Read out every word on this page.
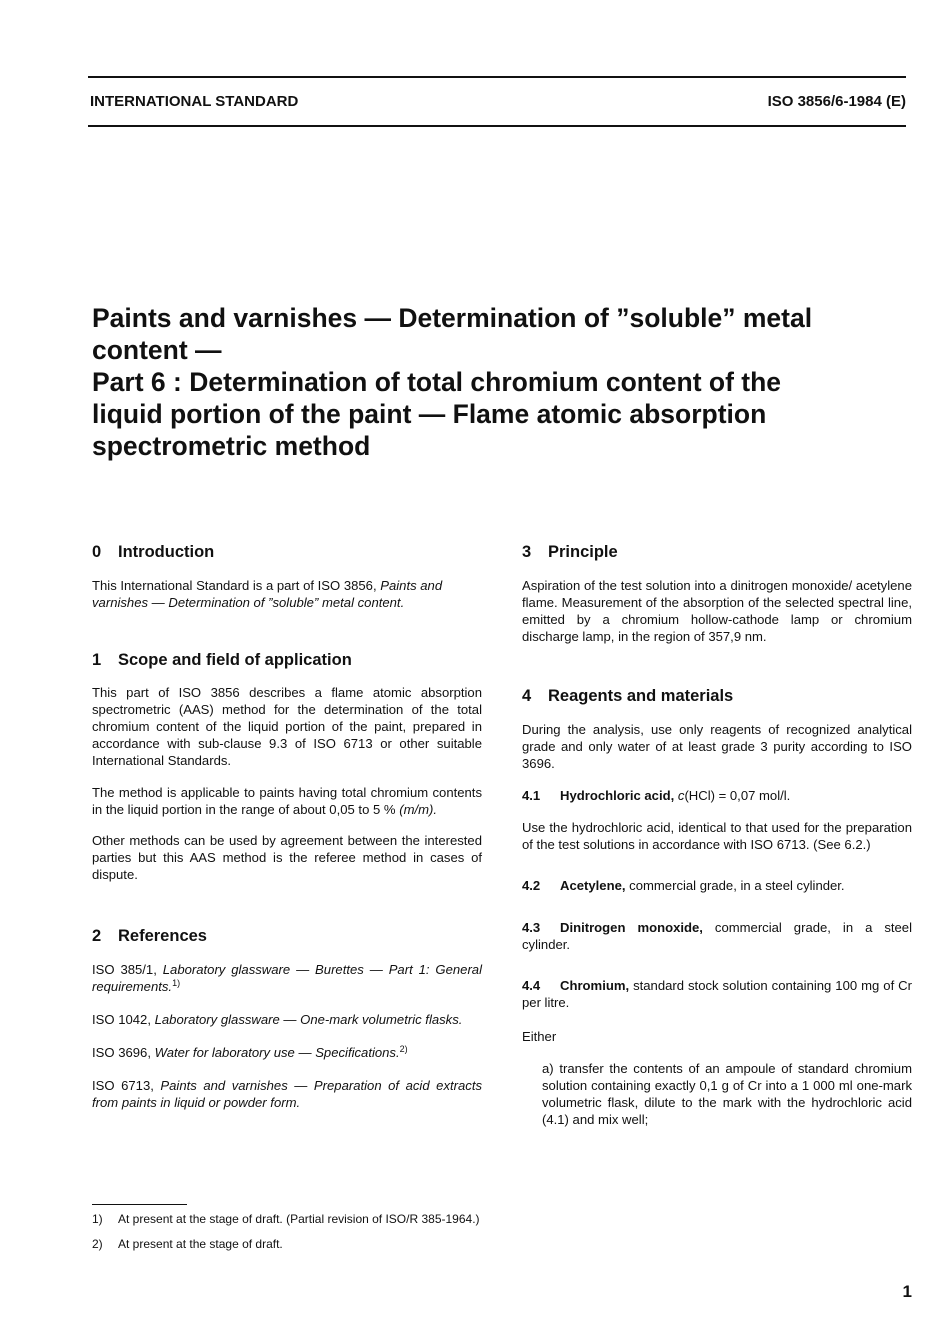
INTERNATIONAL STANDARD	ISO 3856/6-1984 (E)
Paints and varnishes — Determination of ”soluble” metal
content —
Part 6 : Determination of total chromium content of the
liquid portion of the paint — Flame atomic absorption
spectrometric method
0 Introduction

This International Standard is a part of ISO 3856, Paints and varnishes — Determination of ”soluble” metal content.

1 Scope and field of application

This part of ISO 3856 describes a flame atomic absorption spectrometric (AAS) method for the determination of the total chromium content of the liquid portion of the paint, prepared in accordance with sub-clause 9.3 of ISO 6713 or other suitable International Standards.

The method is applicable to paints having total chromium contents in the liquid portion in the range of about 0,05 to 5 % (m/m).

Other methods can be used by agreement between the interested parties but this AAS method is the referee method in cases of dispute.

2 References

ISO 385/1, Laboratory glassware — Burettes — Part 1: General requirements.$^{1)}$

ISO 1042, Laboratory glassware — One-mark volumetric flasks.

ISO 3696, Water for laboratory use — Specifications.$^{2)}$

ISO 6713, Paints and varnishes — Preparation of acid extracts from paints in liquid or powder form.

3 Principle

Aspiration of the test solution into a dinitrogen monoxide/ acetylene flame. Measurement of the absorption of the selected spectral line, emitted by a chromium hollow-cathode lamp or chromium discharge lamp, in the region of 357,9 nm.

4 Reagents and materials

During the analysis, use only reagents of recognized analytical grade and only water of at least grade 3 purity according to ISO 3696.

4.1 Hydrochloric acid, c(HCl) = 0,07 mol/l.

Use the hydrochloric acid, identical to that used for the preparation of the test solutions in accordance with ISO 6713. (See 6.2.)

4.2 Acetylene, commercial grade, in a steel cylinder.

4.3 Dinitrogen monoxide, commercial grade, in a steel cylinder.

4.4 Chromium, standard stock solution containing 100 mg of Cr per litre.

Either

a) transfer the contents of an ampoule of standard chromium solution containing exactly 0,1 g of Cr into a 1 000 ml one-mark volumetric flask, dilute to the mark with the hydrochloric acid (4.1) and mix well;

1) At present at the stage of draft. (Partial revision of ISO/R 385-1964.)
2) At present at the stage of draft.
1
